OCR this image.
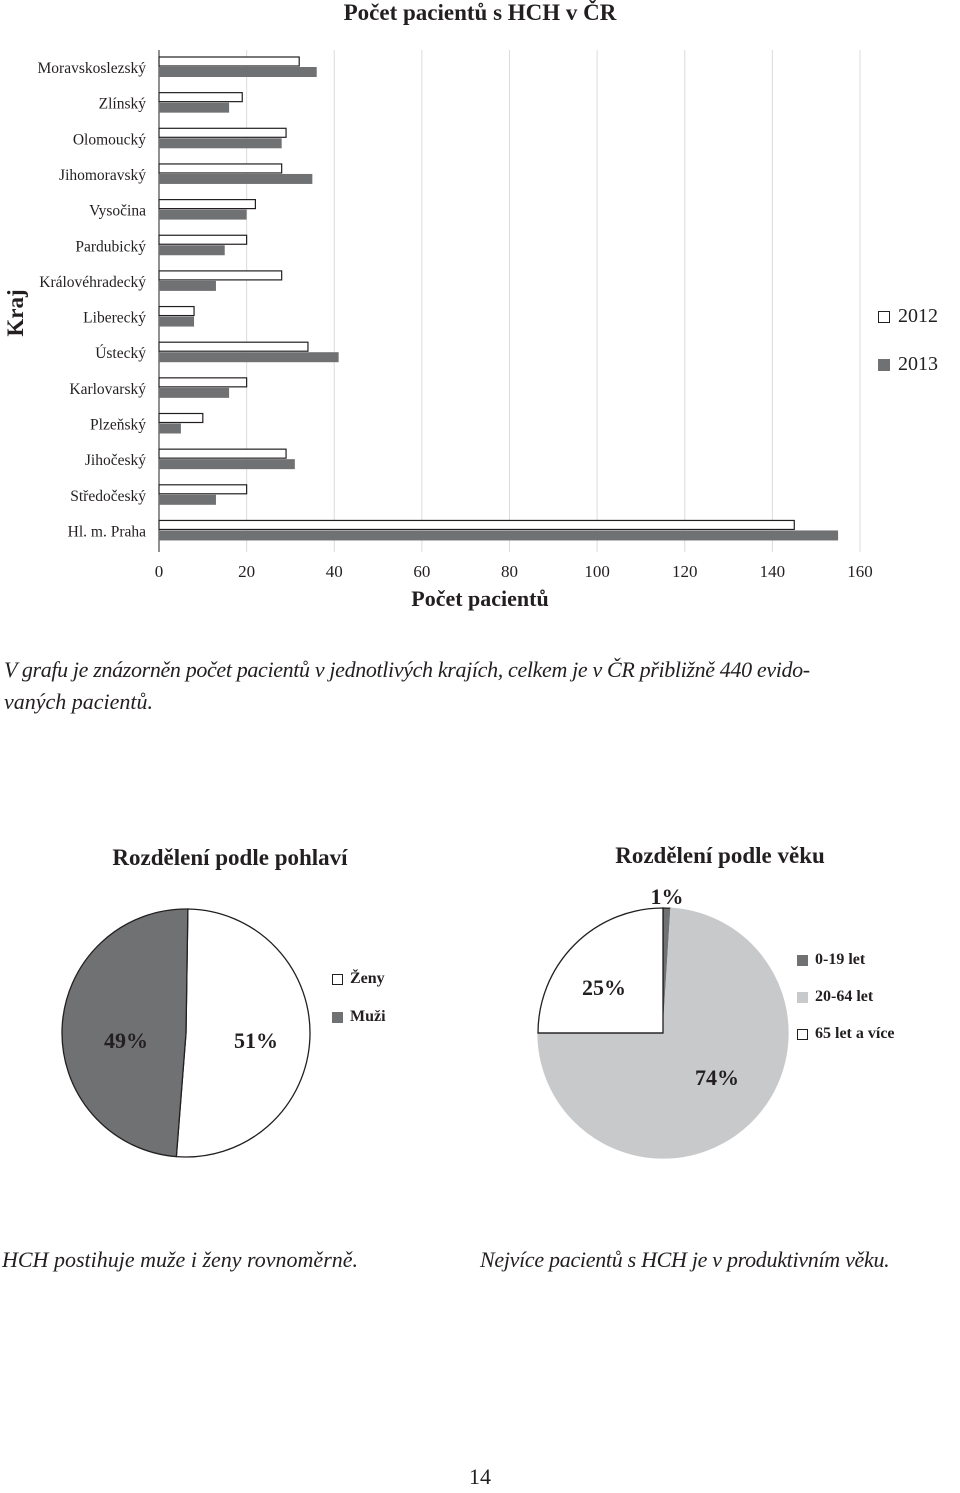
Počet pacientů s HCH v ČR
Kraj
0	20	40	60	80	100	120	140	160
Moravskoslezský
Zlínský
Olomoucký
Jihomoravský
Vysočina
Pardubický
Královéhradecký
Liberecký
Ústecký
Karlovarský
Plzeňský
Jihočeský
Středočeský
Hl. m. Praha
Počet pacientů
2012
2013
V grafu je znázorněn počet pacientů v jednotlivých krajích, celkem je v ČR přibližně 440 evido-
vaných pacientů.
Rozdělení podle pohlaví
51%
49%
Ženy
Muži
Rozdělení podle věku
1%
74%
25%
0-19 let
20-64 let
65 let a více
HCH postihuje muže i ženy rovnoměrně.	Nejvíce pacientů s HCH je v produktivním věku.
14
